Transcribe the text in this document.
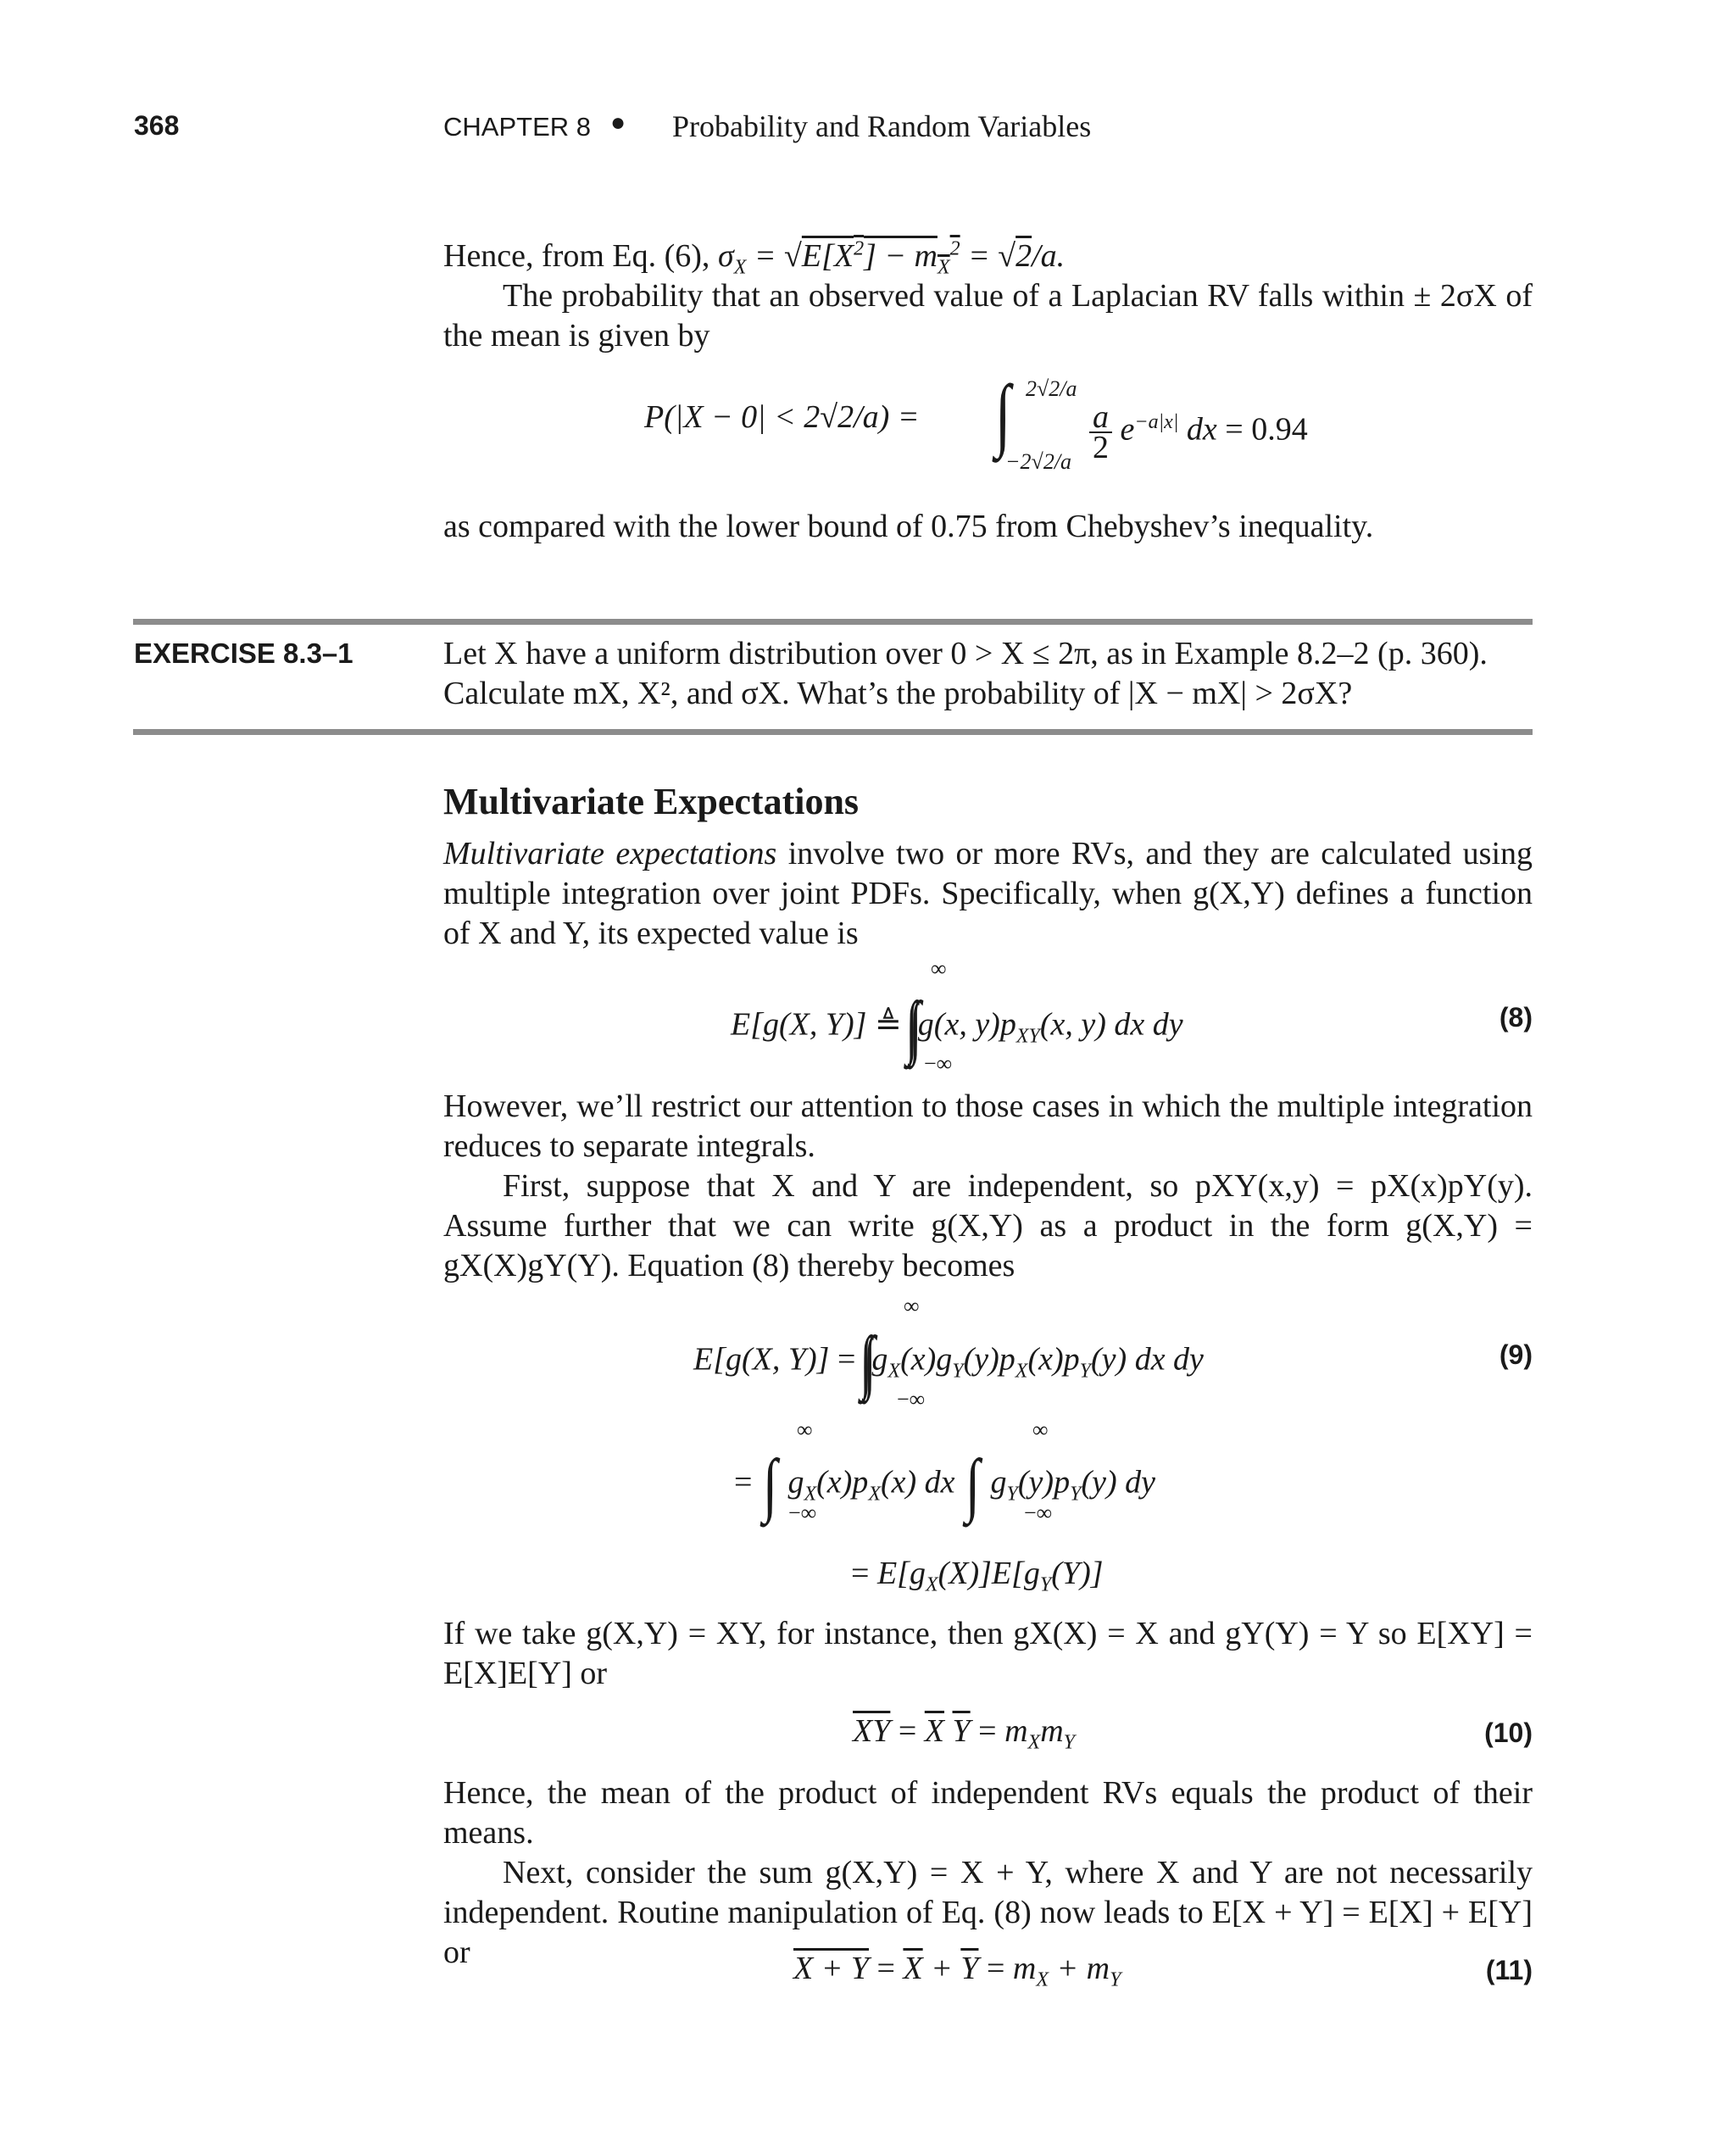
368	CHAPTER 8 ● Probability and Random Variables
Hence, from Eq. (6), $\sigma_X = √E[X^2] - m_X^2 = √2/a$.

The probability that an observed value of a Laplacian RV falls within ± 2σX of the mean is given by

P(|X − 0| < 2√2/a) = ∫ 2√2/a
−2√2/a
a
2 $e^{-a|x|}$ dx = 0.94

as compared with the lower bound of 0.75 from Chebyshev’s inequality.

EXERCISE 8.3–1	Let X have a uniform distribution over 0 > X ≤ 2π, as in Example 8.2–2 (p. 360).

Calculate mX, X², and σX. What’s the probability of |X − mX| > 2σX?

Multivariate Expectations

Multivariate expectations involve two or more RVs, and they are calculated using multiple integration over joint PDFs. Specifically, when g(X,Y) defines a function of X and Y, its expected value is

∞
E[g(X, Y)] ≜  g(x, $y)p_{XY}(x$, y) dx dy
−∞
(8)

However, we’ll restrict our attention to those cases in which the multiple integration reduces to separate integrals.

First, suppose that X and Y are independent, so pXY(x,y) = pX(x)pY(y). Assume further that we can write g(X,Y) as a product in the form g(X,Y) = gX(X)gY(Y). Equation (8) thereby becomes

∞
E[g(X, $Y)] = g_X(x)g_Y(y)p_X(x)p_Y(y)$ dx dy
−∞
(9)
∞	∞
= ∫ $g_X(x)p_X(x)$ dx ∫ $g_Y(y)p_Y(y)$ dy
−∞	−∞
= $E[g_X(X)]E[g_Y(Y)]$

If we take g(X,Y) = XY, for instance, then gX(X) = X and gY(Y) = Y so E[XY] = E[X]E[Y] or

$\overline{XY} = \overline{X}$ $\overline{Y} = m_Xm_Y$	(10)

Hence, the mean of the product of independent RVs equals the product of their means.

Next, consider the sum g(X,Y) = X + Y, where X and Y are not necessarily independent. Routine manipulation of Eq. (8) now leads to E[X + Y] = E[X] + E[Y] or	$X + Y = \overline{X} + \overline{Y} = m_X + m_Y$	(11)
